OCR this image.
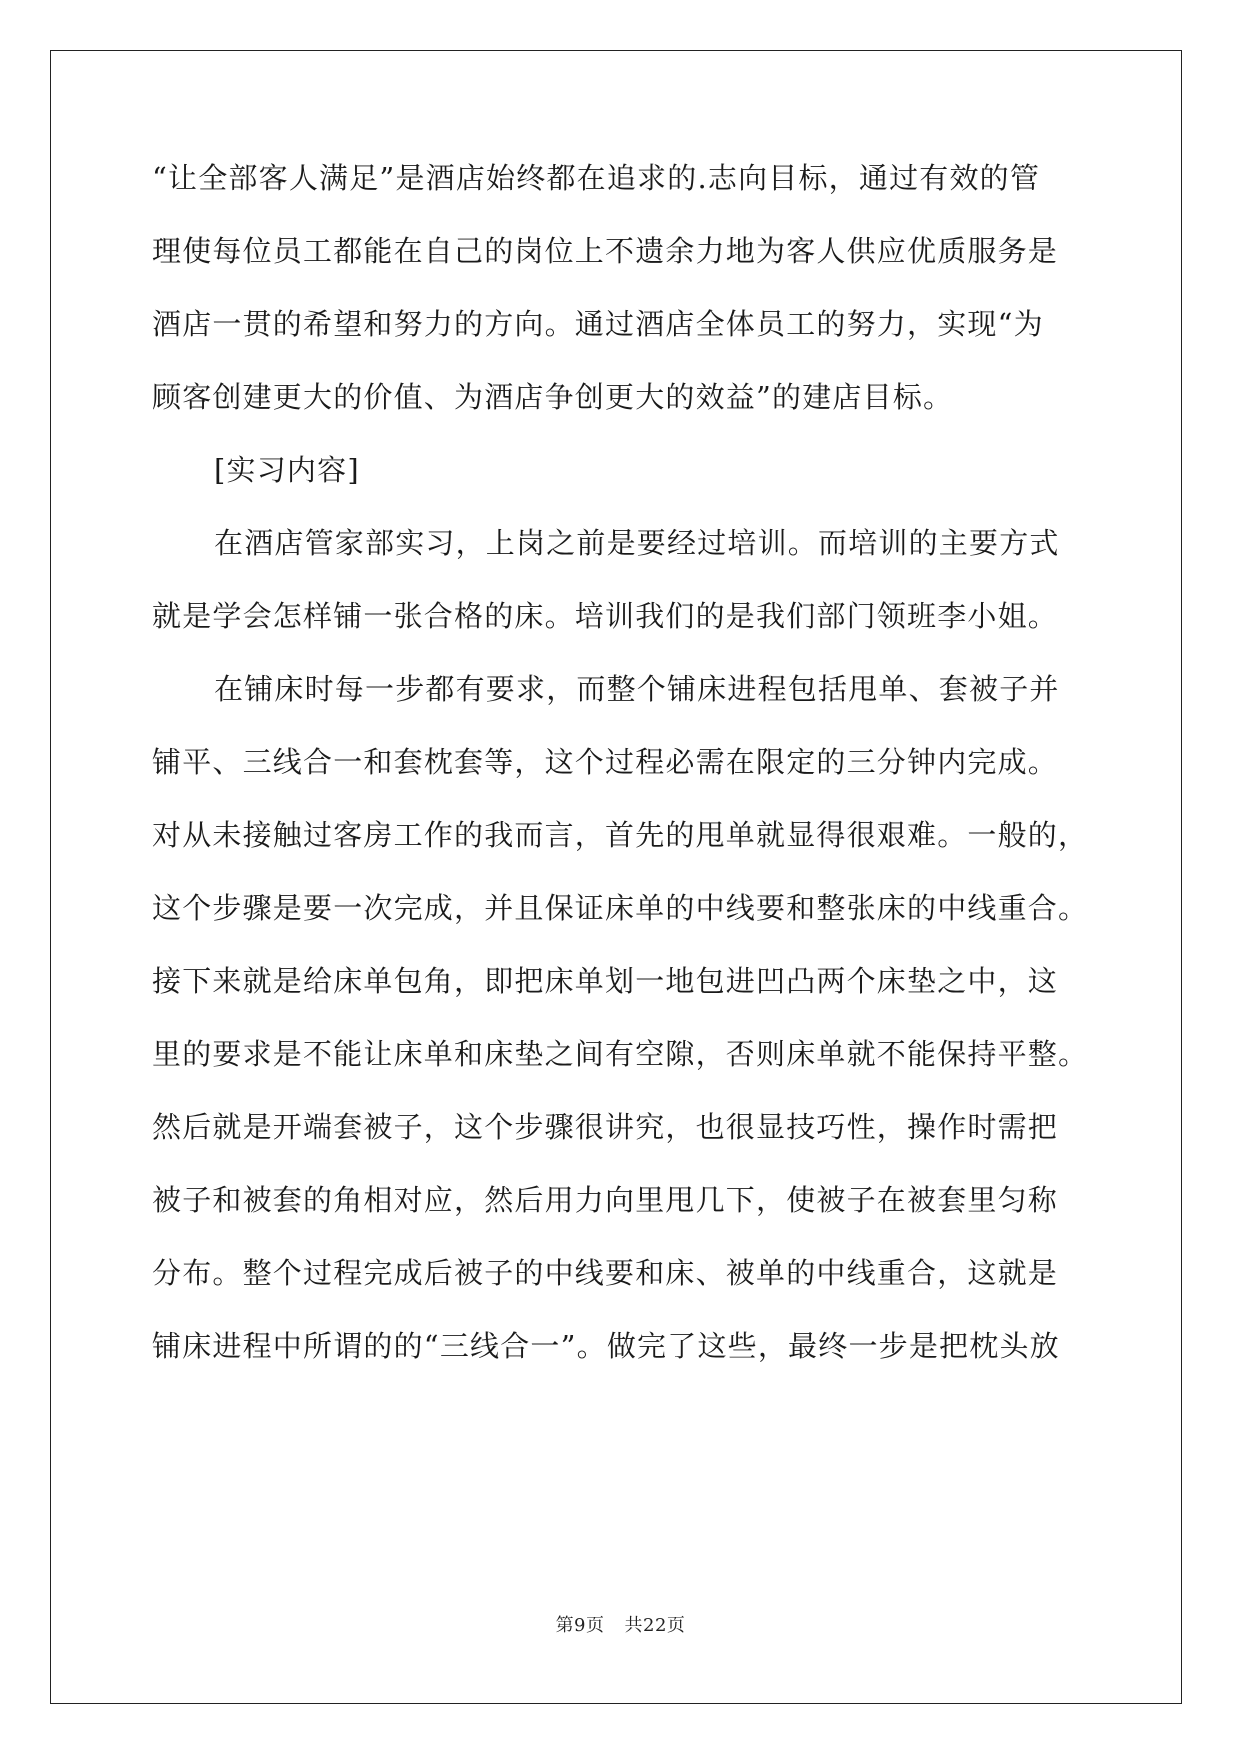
“让全部客人满足”是酒店始终都在追求的.志向目标，通过有效的管
理使每位员工都能在自己的岗位上不遗余力地为客人供应优质服务是
酒店一贯的希望和努力的方向。通过酒店全体员工的努力，实现“为
顾客创建更大的价值、为酒店争创更大的效益”的建店目标。
[实习内容]
在酒店管家部实习，上岗之前是要经过培训。而培训的主要方式
就是学会怎样铺一张合格的床。培训我们的是我们部门领班李小姐。
在铺床时每一步都有要求，而整个铺床进程包括甩单、套被子并
铺平、三线合一和套枕套等，这个过程必需在限定的三分钟内完成。
对从未接触过客房工作的我而言，首先的甩单就显得很艰难。一般的，
这个步骤是要一次完成，并且保证床单的中线要和整张床的中线重合。
接下来就是给床单包角，即把床单划一地包进凹凸两个床垫之中，这
里的要求是不能让床单和床垫之间有空隙，否则床单就不能保持平整。
然后就是开端套被子，这个步骤很讲究，也很显技巧性，操作时需把
被子和被套的角相对应，然后用力向里甩几下，使被子在被套里匀称
分布。整个过程完成后被子的中线要和床、被单的中线重合，这就是
铺床进程中所谓的的“三线合一”。做完了这些，最终一步是把枕头放
第9页 共22页
